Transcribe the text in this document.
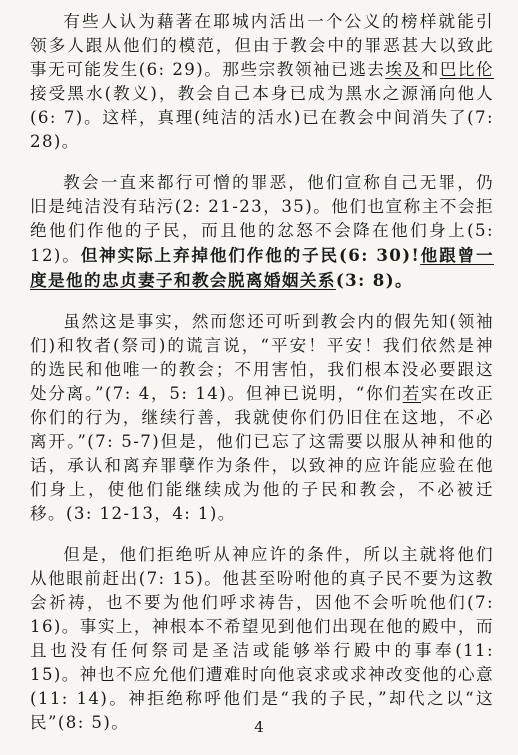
有些人认为藉著在耶城内活出一个公义的榜样就能引领多人跟从他们的模范，但由于教会中的罪恶甚大以致此事无可能发生(6: 29)。那些宗教领袖已逃去埃及和巴比伦接受黑水(教义)，教会自己本身已成为黑水之源涌向他人(6: 7)。这样，真理(纯洁的活水)已在教会中间消失了(7: 28)。

教会一直来都行可憎的罪恶，他们宣称自己无罪，仍旧是纯洁没有玷污(2: 21-23，35)。他们也宣称主不会拒绝他们作他的子民，而且他的忿怒不会降在他们身上(5: 12)。但神实际上弃掉他们作他的子民(6: 30)!他跟曾一度是他的忠贞妻子和教会脱离婚姻关系(3: 8)。

虽然这是事实，然而您还可听到教会内的假先知(领袖们)和牧者(祭司)的谎言说，“平安！平安！我们依然是神的选民和他唯一的教会；不用害怕，我们根本没必要跟这处分离。”(7: 4，5: 14)。但神已说明，“你们若实在改正你们的行为，继续行善，我就使你们仍旧住在这地，不必离开。”(7: 5-7)但是，他们已忘了这需要以服从神和他的话，承认和离弃罪孽作为条件，以致神的应许能应验在他们身上，使他们能继续成为他的子民和教会，不必被迁移。(3: 12-13，4: 1)。

但是，他们拒绝听从神应许的条件，所以主就将他们从他眼前赶出(7: 15)。他甚至吩咐他的真子民不要为这教会祈祷，也不要为他们呼求祷告，因他不会听吮他们(7: 16)。事实上，神根本不希望见到他们出现在他的殿中，而且也没有任何祭司是圣洁或能够举行殿中的事奉(11: 15)。神也不应允他们遭难时向他哀求或求神改变他的心意(11: 14)。神拒绝称呼他们是“我的子民，”却代之以“这民”(8: 5)。	4
